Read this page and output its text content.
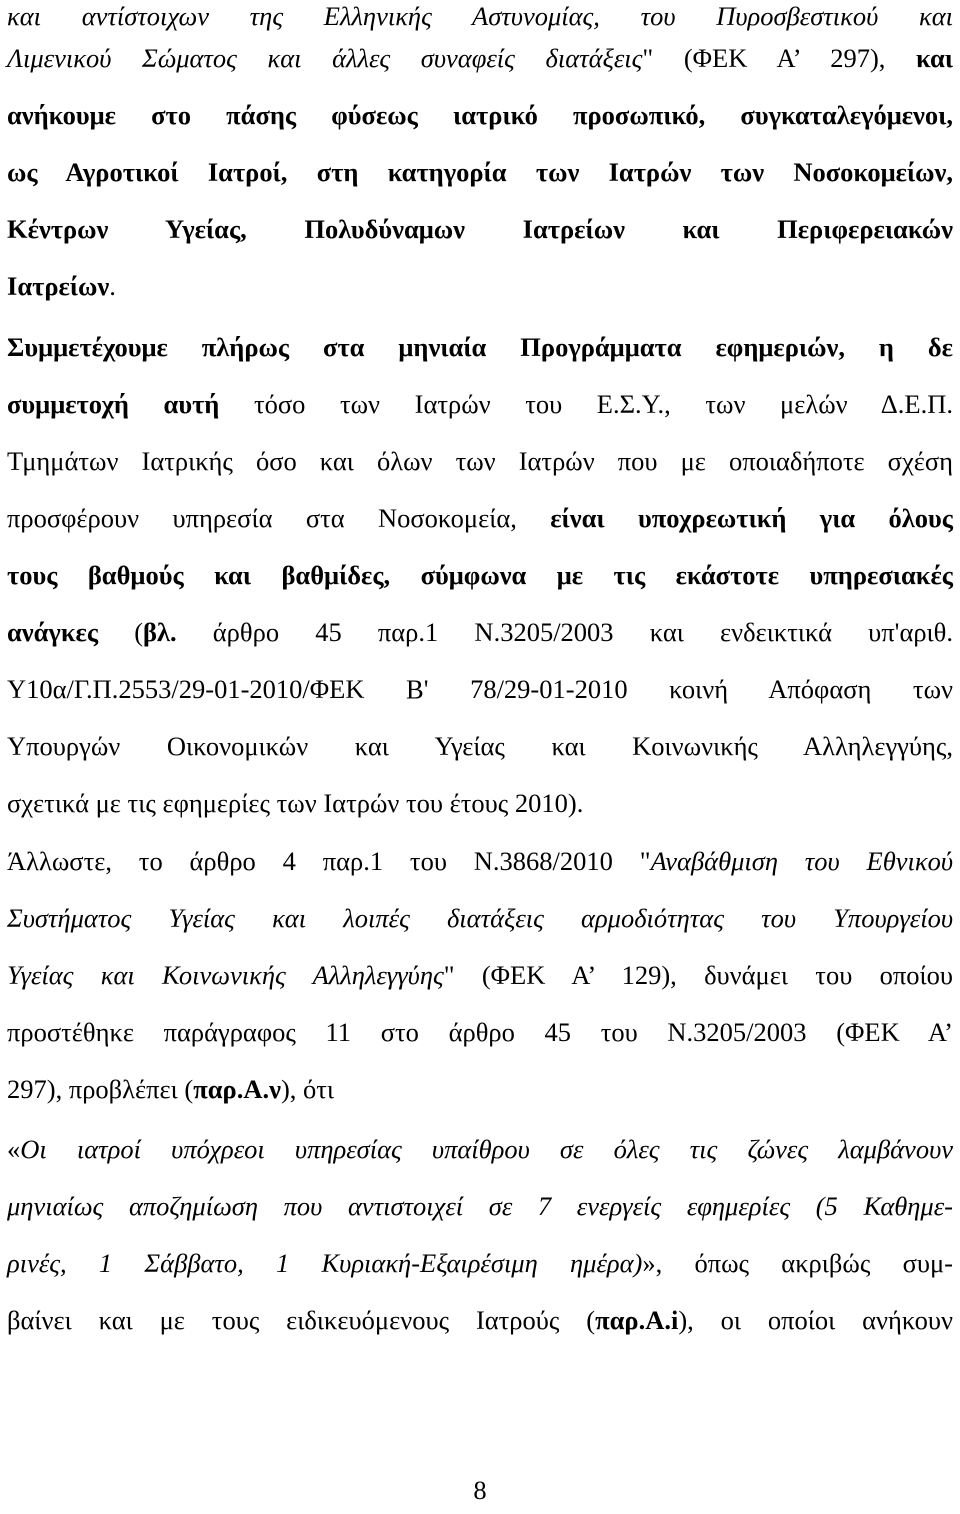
και αντίστοιχων της Ελληνικής Αστυνομίας, του Πυροσβεστικού και
Λιμενικού Σώματος και άλλες συναφείς διατάξεις" (ΦΕΚ Α’ 297), και
ανήκουμε στο πάσης φύσεως ιατρικό προσωπικό, συγκαταλεγόμενοι,
ως Αγροτικοί Ιατροί, στη κατηγορία των Ιατρών των Νοσοκομείων,
Κέντρων Υγείας, Πολυδύναμων Ιατρείων και Περιφερειακών
Ιατρείων.
Συμμετέχουμε πλήρως στα μηνιαία Προγράμματα εφημεριών, η δε
συμμετοχή αυτή τόσο των Ιατρών του Ε.Σ.Υ., των μελών Δ.Ε.Π.
Τμημάτων Ιατρικής όσο και όλων των Ιατρών που με οποιαδήποτε σχέση
προσφέρουν υπηρεσία στα Νοσοκομεία, είναι υποχρεωτική για όλους
τους βαθμούς και βαθμίδες, σύμφωνα με τις εκάστοτε υπηρεσιακές
ανάγκες (βλ. άρθρο 45 παρ.1 Ν.3205/2003 και ενδεικτικά υπ'αριθ.
Υ10α/Γ.Π.2553/29-01-2010/ΦΕΚ Β' 78/29-01-2010 κοινή Απόφαση των
Υπουργών Οικονομικών και Υγείας και Κοινωνικής Αλληλεγγύης,
σχετικά με τις εφημερίες των Ιατρών του έτους 2010).
Άλλωστε, το άρθρο 4 παρ.1 του Ν.3868/2010 "Αναβάθμιση του Εθνικού
Συστήματος Υγείας και λοιπές διατάξεις αρμοδιότητας του Υπουργείου
Υγείας και Κοινωνικής Αλληλεγγύης" (ΦΕΚ Α’ 129), δυνάμει του οποίου
προστέθηκε παράγραφος 11 στο άρθρο 45 του Ν.3205/2003 (ΦΕΚ Α’
297), προβλέπει (παρ.Α.ν), ότι
«Οι ιατροί υπόχρεοι υπηρεσίας υπαίθρου σε όλες τις ζώνες λαμβάνουν
μηνιαίως αποζημίωση που αντιστοιχεί σε 7 ενεργείς εφημερίες (5 Καθημε-
ρινές, 1 Σάββατο, 1 Κυριακή-Εξαιρέσιμη ημέρα)», όπως ακριβώς συμ-
βαίνει και με τους ειδικευόμενους Ιατρούς (παρ.Α.i), οι οποίοι ανήκουν
8
